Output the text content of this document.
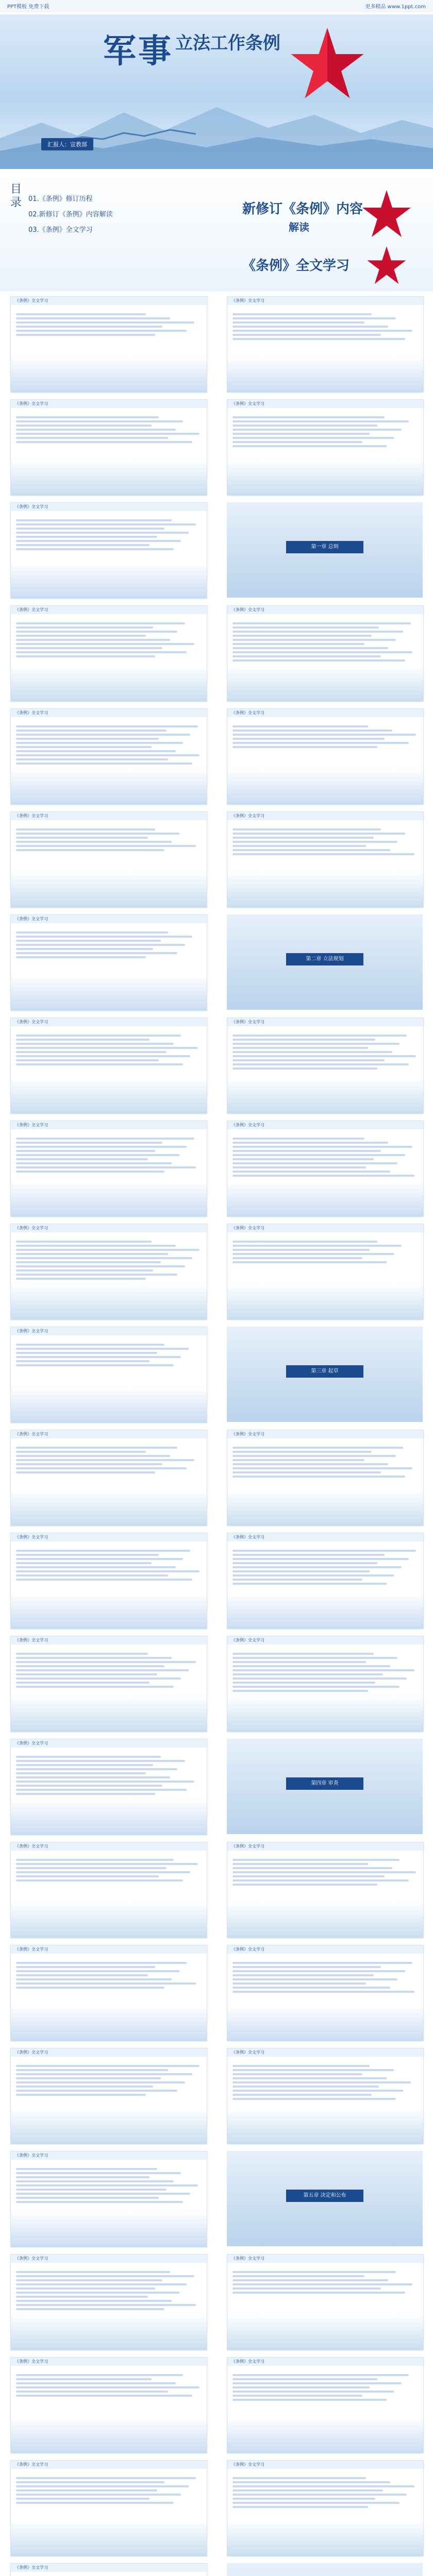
PPT模板 免费下载	更多精品 www.1ppt.com
军事 立法工作条例
汇报人：宣教部
目录 01.《条例》修订历程
02.新修订《条例》内容解读
03.《条例》全文学习
新修订《条例》内容
解读
《条例》全文学习
《条例》全文学习	《条例》全文学习
《条例》全文学习	《条例》全文学习
《条例》全文学习
第一章 总则
《条例》全文学习	《条例》全文学习
《条例》全文学习	《条例》全文学习
《条例》全文学习	《条例》全文学习
《条例》全文学习
第二章 立法规划
《条例》全文学习	《条例》全文学习
《条例》全文学习	《条例》全文学习
《条例》全文学习	《条例》全文学习
《条例》全文学习
第三章 起草
《条例》全文学习	《条例》全文学习
《条例》全文学习	《条例》全文学习
《条例》全文学习	《条例》全文学习
《条例》全文学习
第四章 审查
《条例》全文学习	《条例》全文学习
《条例》全文学习	《条例》全文学习
《条例》全文学习	《条例》全文学习
《条例》全文学习
第五章 决定和公布
《条例》全文学习	《条例》全文学习
《条例》全文学习	《条例》全文学习
《条例》全文学习	《条例》全文学习
《条例》全文学习
